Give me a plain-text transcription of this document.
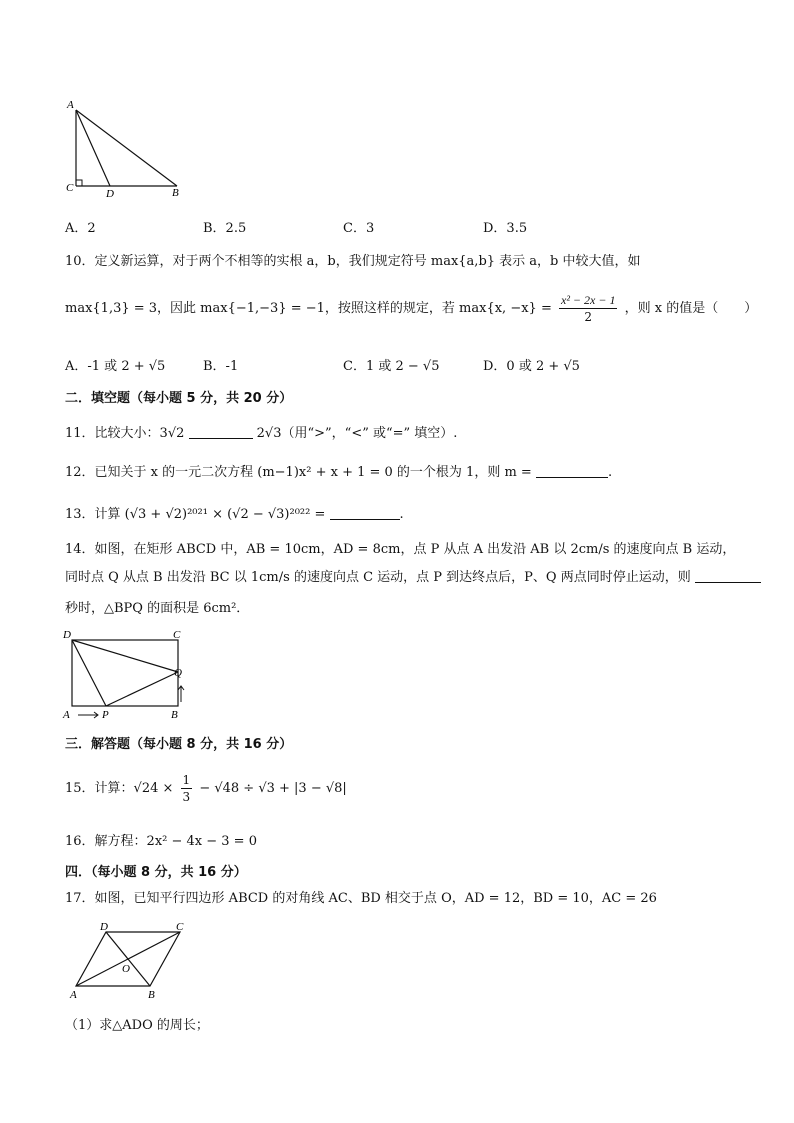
A
C	D	B
A．2	B．2.5	C．3	D．3.5
10．定义新运算，对于两个不相等的实根 a，b，我们规定符号 max{a,b} 表示 a，b 中较大值，如
max{1,3} = 3，因此 max{−1,−3} = −1，按照这样的规定，若 max{x, $-x\} = \frac{\text{x² − 2x − 1}}{2}$ ，则 x 的值是（　　）
A．-1 或 2 + √5	B．-1	C．1 或 2 − √5	D．0 或 2 + √5
二．填空题（每小题 5 分，共 20 分）
11．比较大小：3√2	2√3（用“>”，“<” 或“=” 填空）.
12．已知关于 x 的一元二次方程 (m−1)x² + x + 1 = 0 的一个根为 1，则 m =	.
13．计算 (√3 + √2)²⁰²¹ × (√2 − √3)²⁰²² =	.
14．如图，在矩形 ABCD 中，AB = 10cm，AD = 8cm，点 P 从点 A 出发沿 AB 以 2cm/s 的速度向点 B 运动，
同时点 Q 从点 B 出发沿 BC 以 1cm/s 的速度向点 C 运动，点 P 到达终点后，P、Q 两点同时停止运动，则
秒时，△BPQ 的面积是 6cm²．
D	C
Q
A	P	B
三．解答题（每小题 8 分，共 16 分）
15．计算：$√24 \times \frac{1}{3} - √48 \div √3 + |3 - √8|$
16．解方程：2x² − 4x − 3 = 0
四．（每小题 8 分，共 16 分）
17．如图，已知平行四边形 ABCD 的对角线 AC、BD 相交于点 O，AD = 12，BD = 10，AC = 26
D	C
O
A	B
（1）求△ADO 的周长；
